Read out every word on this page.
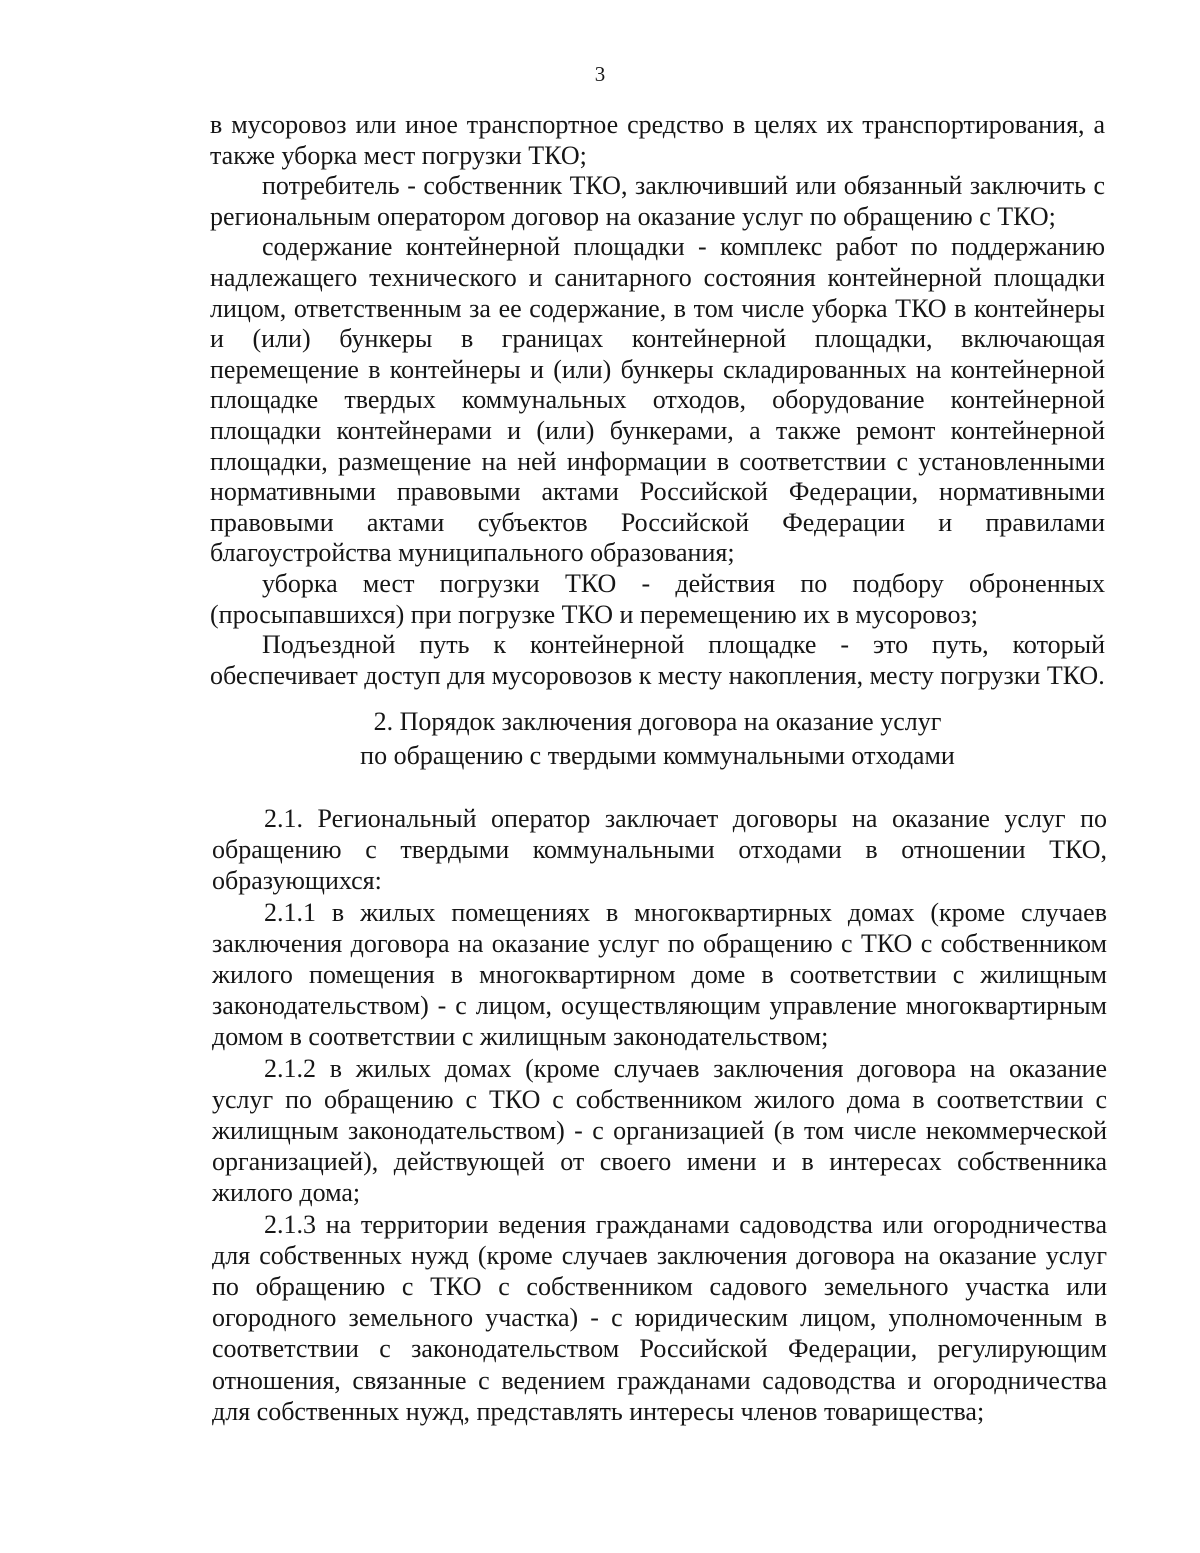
3

в мусоровоз или иное транспортное средство в целях их транспортирования, а также уборка мест погрузки ТКО;

потребитель - собственник ТКО, заключивший или обязанный заключить с региональным оператором договор на оказание услуг по обращению с ТКО;

содержание контейнерной площадки - комплекс работ по поддержанию надлежащего технического и санитарного состояния контейнерной площадки лицом, ответственным за ее содержание, в том числе уборка ТКО в контейнеры и (или) бункеры в границах контейнерной площадки, включающая перемещение в контейнеры и (или) бункеры складированных на контейнерной площадке твердых коммунальных отходов, оборудование контейнерной площадки контейнерами и (или) бункерами, а также ремонт контейнерной площадки, размещение на ней информации в соответствии с установленными нормативными правовыми актами Российской Федерации, нормативными правовыми актами субъектов Российской Федерации и правилами благоустройства муниципального образования;

уборка мест погрузки ТКО - действия по подбору оброненных (просыпавшихся) при погрузке ТКО и перемещению их в мусоровоз;

Подъездной путь к контейнерной площадке - это путь, который обеспечивает доступ для мусоровозов к месту накопления, месту погрузки ТКО.

2. Порядок заключения договора на оказание услуг
по обращению с твердыми коммунальными отходами

2.1. Региональный оператор заключает договоры на оказание услуг по обращению с твердыми коммунальными отходами в отношении ТКО, образующихся:

2.1.1 в жилых помещениях в многоквартирных домах (кроме случаев заключения договора на оказание услуг по обращению с ТКО с собственником жилого помещения в многоквартирном доме в соответствии с жилищным законодательством) - с лицом, осуществляющим управление многоквартирным домом в соответствии с жилищным законодательством;

2.1.2 в жилых домах (кроме случаев заключения договора на оказание услуг по обращению с ТКО с собственником жилого дома в соответствии с жилищным законодательством) - с организацией (в том числе некоммерческой организацией), действующей от своего имени и в интересах собственника жилого дома;

2.1.3 на территории ведения гражданами садоводства или огородничества для собственных нужд (кроме случаев заключения договора на оказание услуг по обращению с ТКО с собственником садового земельного участка или огородного земельного участка) - с юридическим лицом, уполномоченным в соответствии с законодательством Российской Федерации, регулирующим отношения, связанные с ведением гражданами садоводства и огородничества для собственных нужд, представлять интересы членов товарищества;
